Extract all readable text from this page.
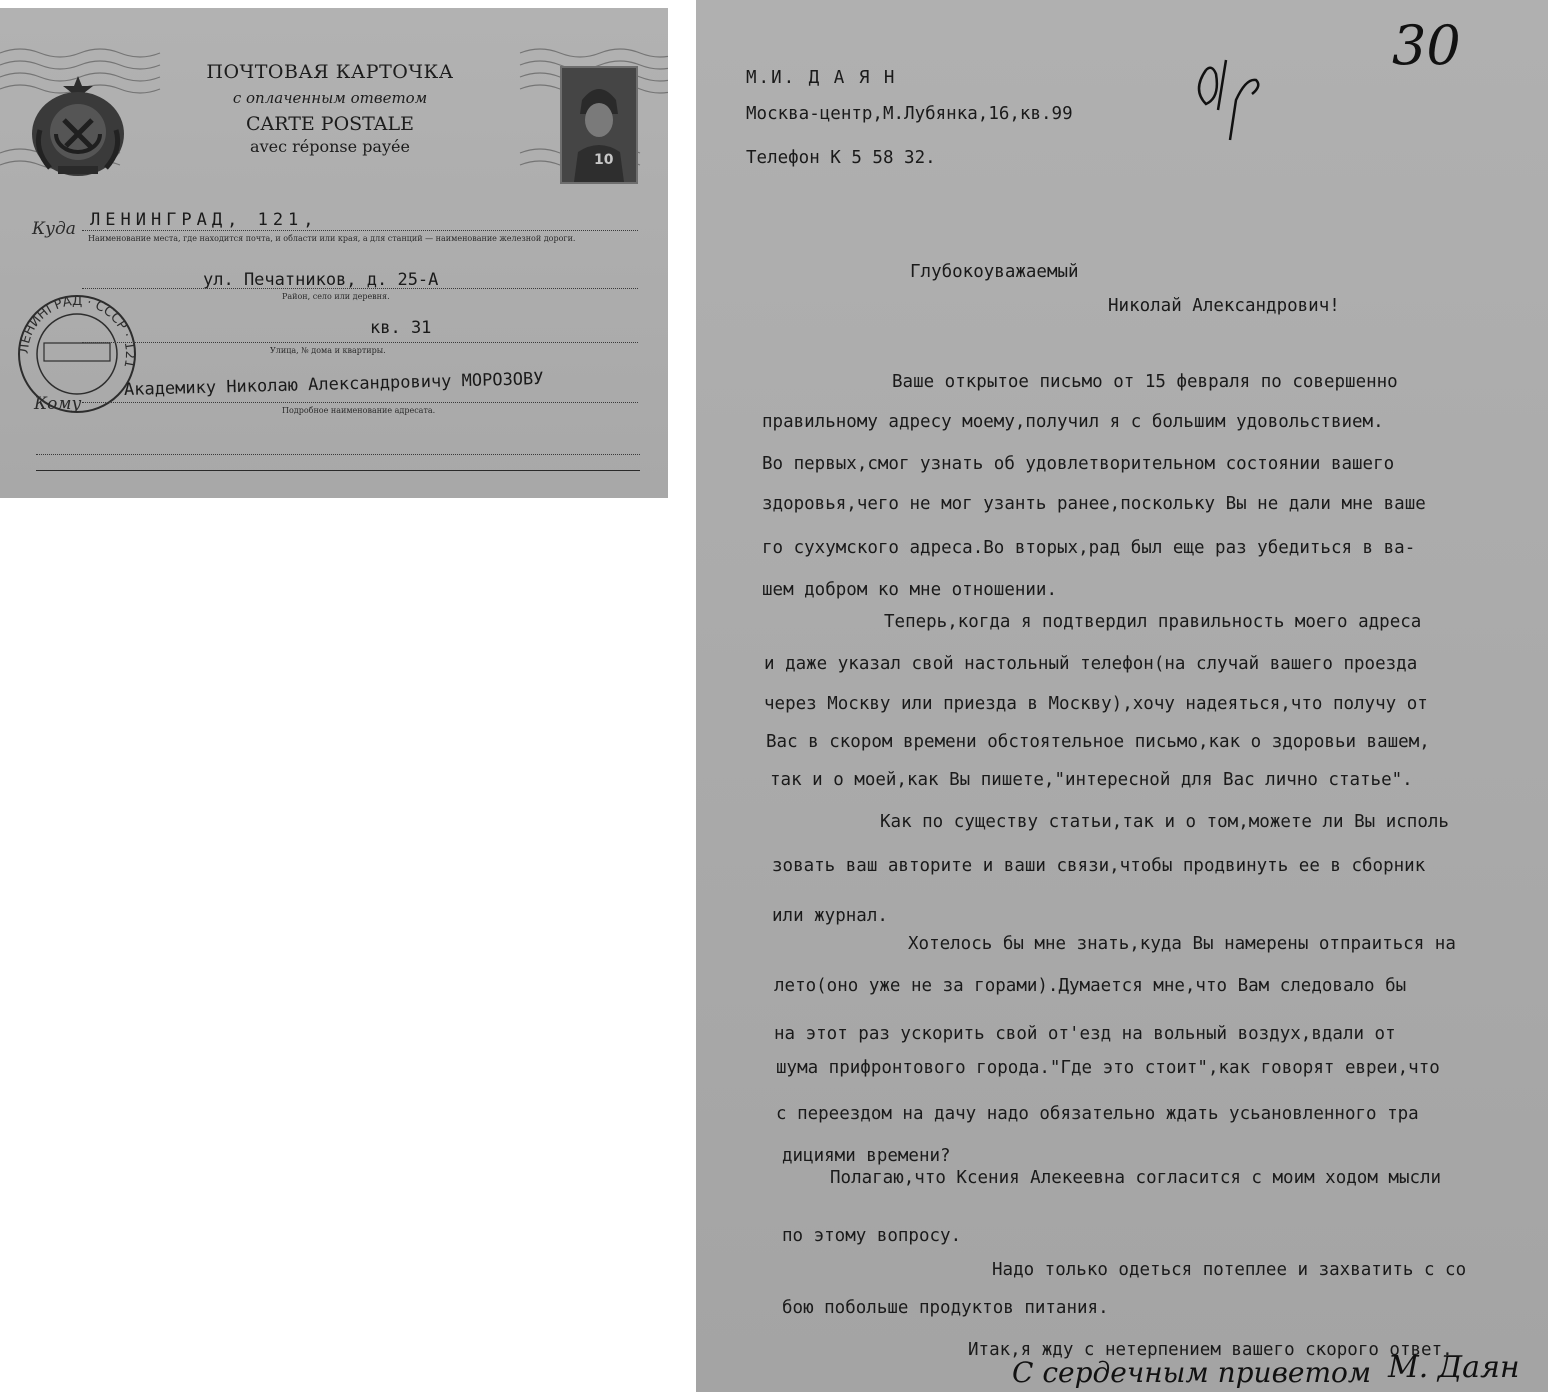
ПОЧТОВАЯ КАРТОЧКА
с оплаченным ответом
CARTE POSTALE
avec réponse payée
10
ЛЕНИНГРАД · СССР · 121
Куда ЛЕНИНГРАД, 121,
Наименование места, где находится почта, и области или края, а для станций — наименование железной дороги.
ул. Печатников, д. 25-А
Район, село или деревня.
кв. 31
Улица, № дома и квартиры.
Кому
Академику Николаю Александровичу МОРОЗОВУ
Подробное наименование адресата.
М.И. Д А Я Н
Москва-центр,М.Лубянка,16,кв.99
Телефон К 5 58 32.
30
Глубокоуважаемый
Николай Александрович!
Ваше открытое письмо от 15 февраля по совершенно
правильному адресу моему,получил я с большим удовольствием.
Во первых,смог узнать об удовлетворительном состоянии вашего
здоровья,чего не мог узанть ранее,поскольку Вы не дали мне ваше
го сухумского адреса.Во вторых,рад был еще раз убедиться в ва-
шем добром ко мне отношении.
Теперь,когда я подтвердил правильность моего адреса
и даже указал свой настольный телефон(на случай вашего проезда
через Москву или приезда в Москву),хочу надеяться,что получу от
Вас в скором времени обстоятельное письмо,как о здоровьи вашем,
так и о моей,как Вы пишете,"интересной для Вас лично статье".
Как по существу статьи,так и о том,можете ли Вы исполь
зовать ваш авторите и ваши связи,чтобы продвинуть ее в сборник
или журнал.
Хотелось бы мне знать,куда Вы намерены отпраиться на
лето(оно уже не за горами).Думается мне,что Вам следовало бы
на этот раз ускорить свой от'езд на вольный воздух,вдали от
шума прифронтового города."Где это стоит",как говорят евреи,что
с переездом на дачу надо обязательно ждать усьановленного тра
дициями времени?
Полагаю,что Ксения Алекеевна согласится с моим ходом мысли
по этому вопросу.
Надо только одеться потеплее и захватить с со
бою побольше продуктов питания.
Итак,я жду с нетерпением вашего скорого ответ.
С сердечным приветом М. Даян
